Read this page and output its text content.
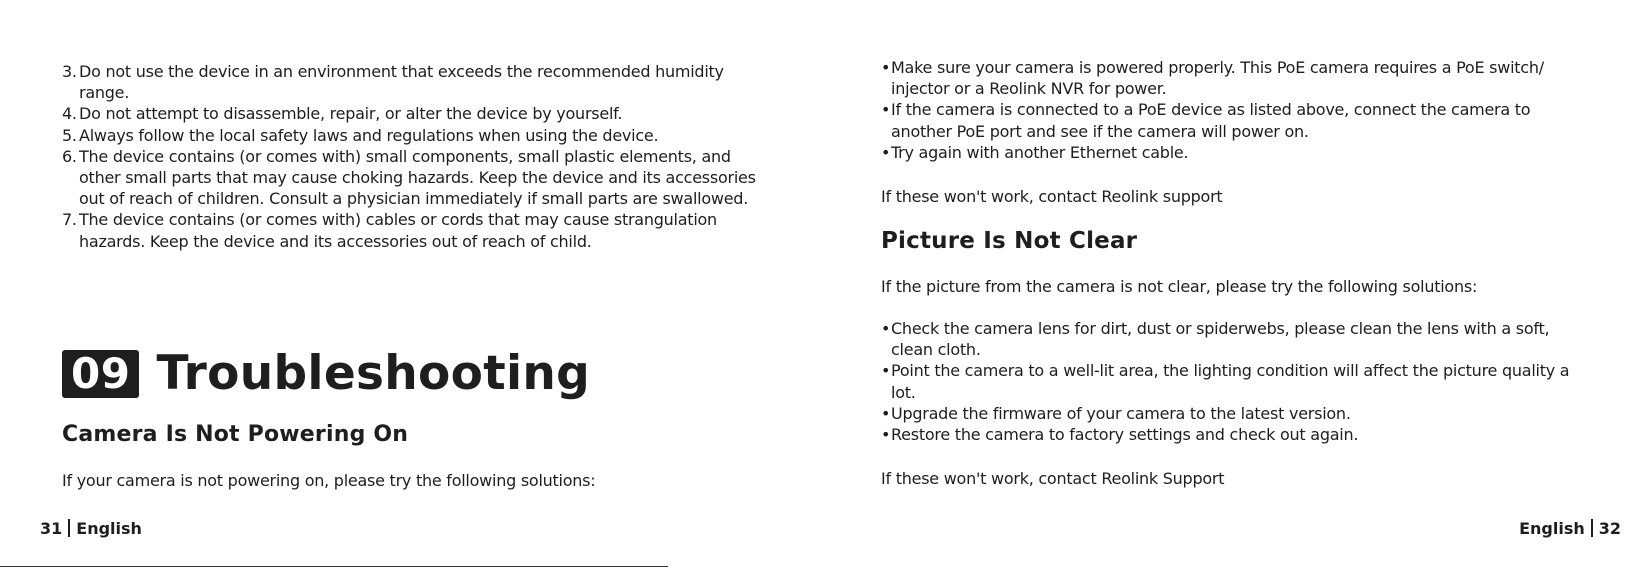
3. Do not use the device in an environment that exceeds the recommended humidity range.
4. Do not attempt to disassemble, repair, or alter the device by yourself.
5. Always follow the local safety laws and regulations when using the device.
6. The device contains (or comes with) small components, small plastic elements, and other small parts that may cause choking hazards. Keep the device and its accessories out of reach of children. Consult a physician immediately if small parts are swallowed.
7. The device contains (or comes with) cables or cords that may cause strangulation hazards. Keep the device and its accessories out of reach of child.
09 Troubleshooting
Camera Is Not Powering On

If your camera is not powering on, please try the following solutions:

31 English
• Make sure your camera is powered properly. This PoE camera requires a PoE switch/ injector or a Reolink NVR for power.
• If the camera is connected to a PoE device as listed above, connect the camera to another PoE port and see if the camera will power on.
• Try again with another Ethernet cable.

If these won't work, contact Reolink support

Picture Is Not Clear

If the picture from the camera is not clear, please try the following solutions:

• Check the camera lens for dirt, dust or spiderwebs, please clean the lens with a soft, clean cloth.
• Point the camera to a well-lit area, the lighting condition will affect the picture quality a lot.
• Upgrade the firmware of your camera to the latest version.
• Restore the camera to factory settings and check out again.

If these won't work, contact Reolink Support

English 32
